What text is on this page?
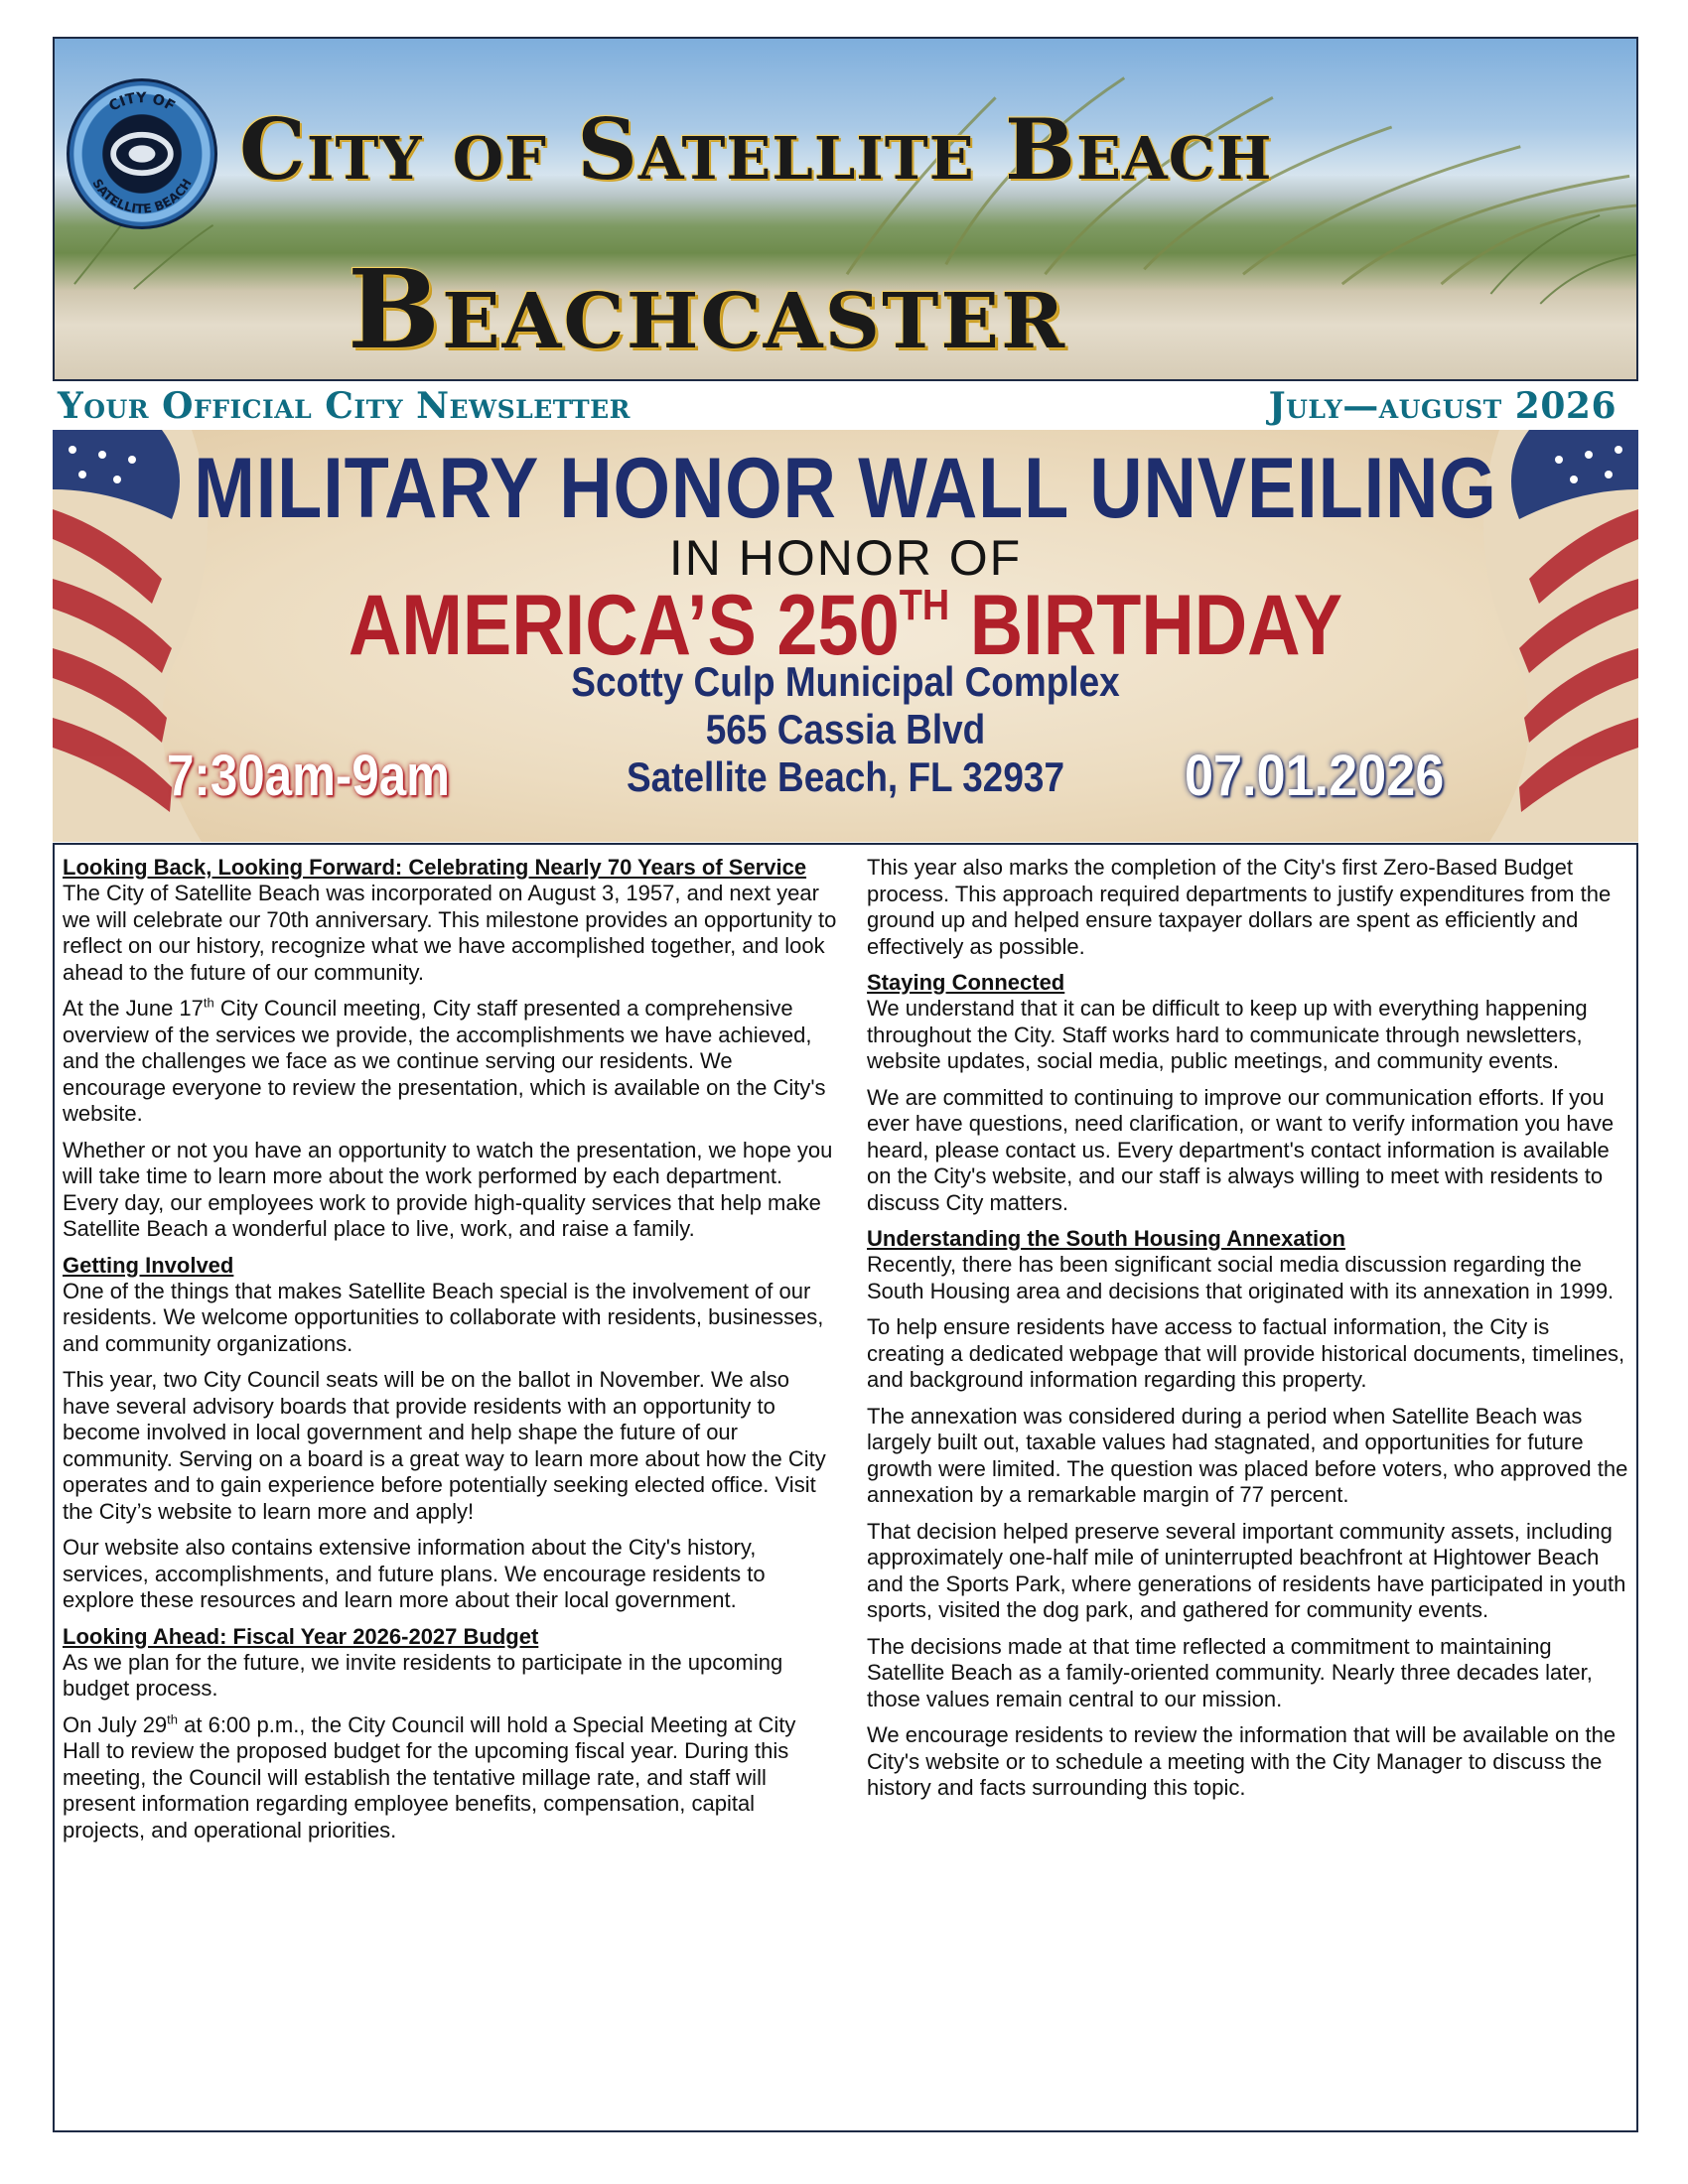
CITY OF
SATELLITE BEACH City of Satellite Beach
Beachcaster
Your Official City Newsletter	July—august 2026
MILITARY HONOR WALL UNVEILING
IN HONOR OF
AMERICA’S 250TH BIRTHDAY
Scotty Culp Municipal Complex
565 Cassia Blvd
Satellite Beach, FL 32937
7:30am-9am	07.01.2026
Looking Back, Looking Forward: Celebrating Nearly 70 Years of Service

The City of Satellite Beach was incorporated on August 3, 1957, and next year we will celebrate our 70th anniversary. This milestone provides an opportunity to reflect on our history, recognize what we have accomplished together, and look ahead to the future of our community.

At the June 17th City Council meeting, City staff presented a comprehensive overview of the services we provide, the accomplishments we have achieved, and the challenges we face as we continue serving our residents. We encourage everyone to review the presentation, which is available on the City's website.

Whether or not you have an opportunity to watch the presentation, we hope you will take time to learn more about the work performed by each department. Every day, our employees work to provide high-quality services that help make Satellite Beach a wonderful place to live, work, and raise a family.

Getting Involved

One of the things that makes Satellite Beach special is the involvement of our residents. We welcome opportunities to collaborate with residents, businesses, and community organizations.

This year, two City Council seats will be on the ballot in November. We also have several advisory boards that provide residents with an opportunity to become involved in local government and help shape the future of our community. Serving on a board is a great way to learn more about how the City operates and to gain experience before potentially seeking elected office. Visit the City’s website to learn more and apply!

Our website also contains extensive information about the City's history, services, accomplishments, and future plans. We encourage residents to explore these resources and learn more about their local government.

Looking Ahead: Fiscal Year 2026-2027 Budget

As we plan for the future, we invite residents to participate in the upcoming budget process.

On July 29th at 6:00 p.m., the City Council will hold a Special Meeting at City Hall to review the proposed budget for the upcoming fiscal year. During this meeting, the Council will establish the tentative millage rate, and staff will present information regarding employee benefits, compensation, capital projects, and operational priorities.

This year also marks the completion of the City's first Zero-Based Budget process. This approach required departments to justify expenditures from the ground up and helped ensure taxpayer dollars are spent as efficiently and effectively as possible.

Staying Connected

We understand that it can be difficult to keep up with everything happening throughout the City. Staff works hard to communicate through newsletters, website updates, social media, public meetings, and community events.

We are committed to continuing to improve our communication efforts. If you ever have questions, need clarification, or want to verify information you have heard, please contact us. Every department's contact information is available on the City's website, and our staff is always willing to meet with residents to discuss City matters.

Understanding the South Housing Annexation

Recently, there has been significant social media discussion regarding the South Housing area and decisions that originated with its annexation in 1999.

To help ensure residents have access to factual information, the City is creating a dedicated webpage that will provide historical documents, timelines, and background information regarding this property.

The annexation was considered during a period when Satellite Beach was largely built out, taxable values had stagnated, and opportunities for future growth were limited. The question was placed before voters, who approved the annexation by a remarkable margin of 77 percent.

That decision helped preserve several important community assets, including approximately one-half mile of uninterrupted beachfront at Hightower Beach and the Sports Park, where generations of residents have participated in youth sports, visited the dog park, and gathered for community events.

The decisions made at that time reflected a commitment to maintaining Satellite Beach as a family-oriented community. Nearly three decades later, those values remain central to our mission.

We encourage residents to review the information that will be available on the City's website or to schedule a meeting with the City Manager to discuss the history and facts surrounding this topic.
